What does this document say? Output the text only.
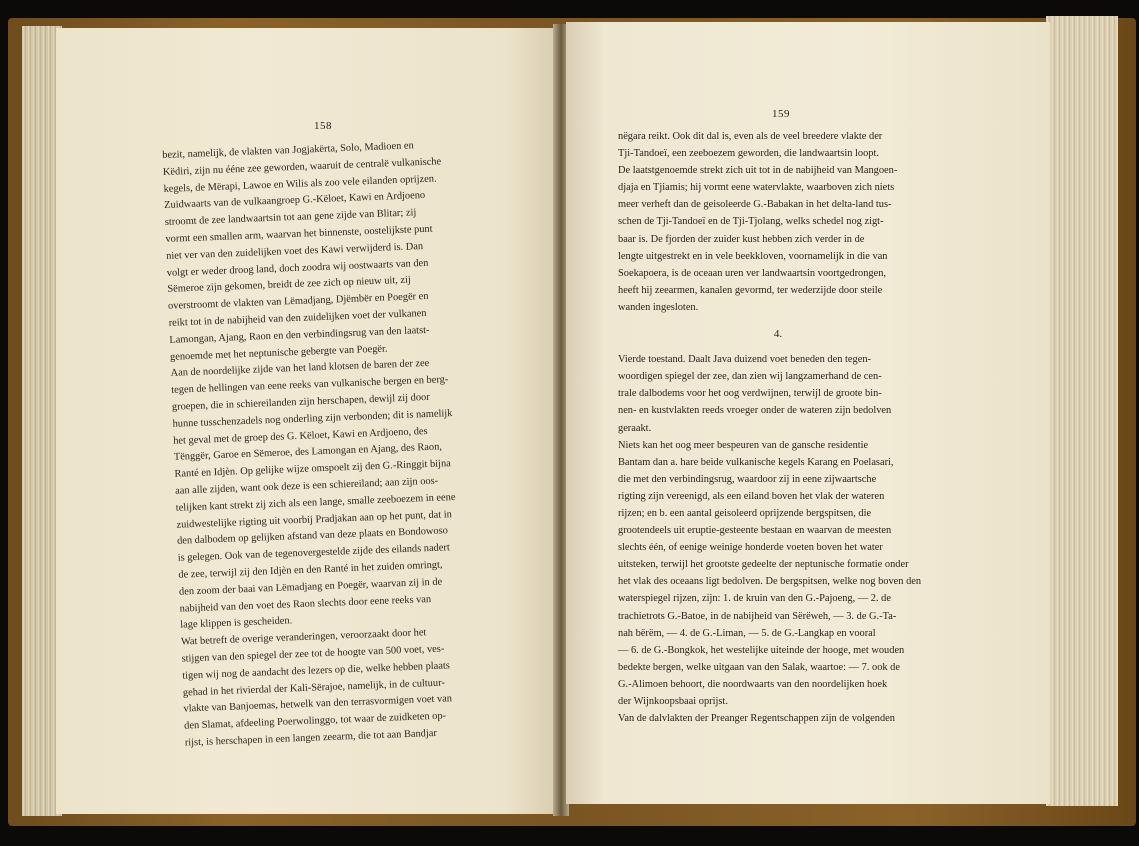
158
bezit, namelijk, de vlakten van Jogjakërta, Solo, Madioen en
Këdiri, zijn nu ééne zee geworden, waaruit de centralë vulkanische
kegels, de Mërapi, Lawoe en Wilis als zoo vele eilanden oprijzen.
Zuidwaarts van de vulkaangroep G.-Këloet, Kawi en Ardjoeno
stroomt de zee landwaartsin tot aan gene zijde van Blitar; zij
vormt een smallen arm, waarvan het binnenste, oostelijkste punt
niet ver van den zuidelijken voet des Kawi verwijderd is. Dan
volgt er weder droog land, doch zoodra wij oostwaarts van den
Sëmeroe zijn gekomen, breidt de zee zich op nieuw uit, zij
overstroomt de vlakten van Lëmadjang, Djëmbër en Poegër en
reikt tot in de nabijheid van den zuidelijken voet der vulkanen
Lamongan, Ajang, Raon en den verbindingsrug van den laatst-
genoemde met het neptunische gebergte van Poegër.
Aan de noordelijke zijde van het land klotsen de baren der zee
tegen de hellingen van eene reeks van vulkanische bergen en berg-
groepen, die in schiereilanden zijn herschapen, dewijl zij door
hunne tusschenzadels nog onderling zijn verbonden; dit is namelijk
het geval met de groep des G. Këloet, Kawi en Ardjoeno, des
Tënggër, Garoe en Sëmeroe, des Lamongan en Ajang, des Raon,
Ranté en Idjèn. Op gelijke wijze omspoelt zij den G.-Ringgit bijna
aan alle zijden, want ook deze is een schiereiland; aan zijn oos-
telijken kant strekt zij zich als een lange, smalle zeeboezem in eene
zuidwestelijke rigting uit voorbij Pradjakan aan op het punt, dat in
den dalbodem op gelijken afstand van deze plaats en Bondowoso
is gelegen. Ook van de tegenovergestelde zijde des eilands nadert
de zee, terwijl zij den Idjèn en den Ranté in het zuiden omringt,
den zoom der baai van Lëmadjang en Poegër, waarvan zij in de
nabijheid van den voet des Raon slechts door eene reeks van
lage klippen is gescheiden.
Wat betreft de overige veranderingen, veroorzaakt door het
stijgen van den spiegel der zee tot de hoogte van 500 voet, ves-
tigen wij nog de aandacht des lezers op die, welke hebben plaats
gehad in het rivierdal der Kali-Sërajoe, namelijk, in de cultuur-
vlakte van Banjoemas, hetwelk van den terrasvormigen voet van
den Slamat, afdeeling Poerwolinggo, tot waar de zuidketen op-
rijst, is herschapen in een langen zeearm, die tot aan Bandjar
159
nëgara reikt. Ook dit dal is, even als de veel breedere vlakte der
Tji-Tandoeï, een zeeboezem geworden, die landwaartsin loopt.
De laatstgenoemde strekt zich uit tot in de nabijheid van Mangoen-
djaja en Tjiamis; hij vormt eene watervlakte, waarboven zich niets
meer verheft dan de geisoleerde G.-Babakan in het delta-land tus-
schen de Tji-Tandoeï en de Tji-Tjolang, welks schedel nog zigt-
baar is. De fjorden der zuider kust hebben zich verder in de
lengte uitgestrekt en in vele beekkloven, voornamelijk in die van
Soekapoera, is de oceaan uren ver landwaartsin voortgedrongen,
heeft hij zeearmen, kanalen gevormd, ter wederzijde door steile
wanden ingesloten.
4.
Vierde toestand. Daalt Java duizend voet beneden den tegen-
woordigen spiegel der zee, dan zien wij langzamerhand de cen-
trale dalbodems voor het oog verdwijnen, terwijl de groote bin-
nen- en kustvlakten reeds vroeger onder de wateren zijn bedolven
geraakt.
Niets kan het oog meer bespeuren van de gansche residentie
Bantam dan a. hare beide vulkanische kegels Karang en Poelasari,
die met den verbindingsrug, waardoor zij in eene zijwaartsche
rigting zijn vereenigd, als een eiland boven het vlak der wateren
rijzen; en b. een aantal geisoleerd oprijzende bergspitsen, die
grootendeels uit eruptie-gesteente bestaan en waarvan de meesten
slechts één, of eenige weinige honderde voeten boven het water
uitsteken, terwijl het grootste gedeelte der neptunische formatie onder
het vlak des oceaans ligt bedolven. De bergspitsen, welke nog boven den
waterspiegel rijzen, zijn: 1. de kruin van den G.-Pajoeng, — 2. de
trachietrots G.-Batoe, in de nabijheid van Sërëweh, — 3. de G.-Ta-
nah bërëm, — 4. de G.-Liman, — 5. de G.-Langkap en vooral
— 6. de G.-Bongkok, het westelijke uiteinde der hooge, met wouden
bedekte bergen, welke uitgaan van den Salak, waartoe: — 7. ook de
G.-Alimoen behoort, die noordwaarts van den noordelijken hoek
der Wijnkoopsbaai oprijst.
Van de dalvlakten der Preanger Regentschappen zijn de volgenden
